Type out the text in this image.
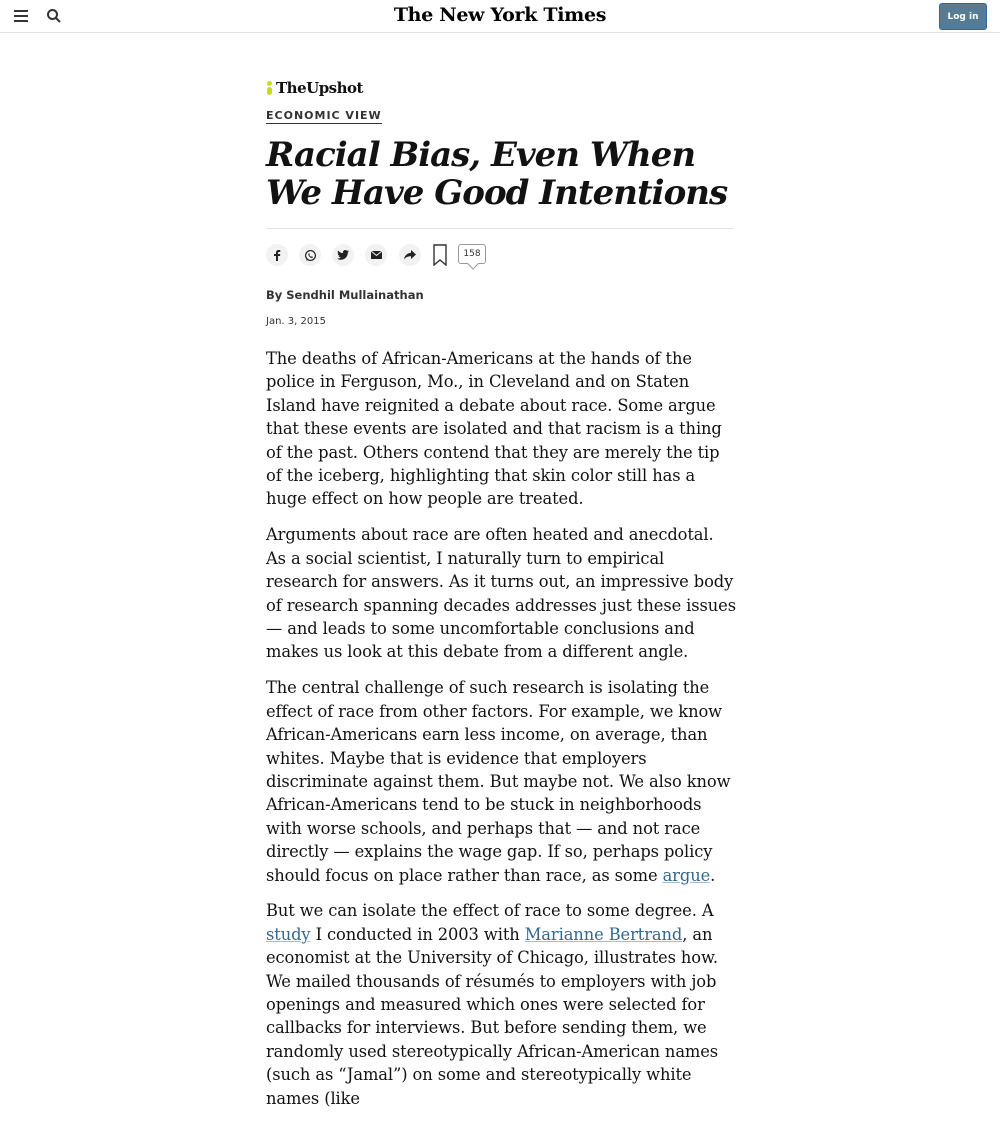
The New York Times	Log in
TheUpshot
ECONOMIC VIEW
Racial Bias, Even When We Have Good Intentions
158
By Sendhil Mullainathan
Jan. 3, 2015

The deaths of African-Americans at the hands of the police in Ferguson, Mo., in Cleveland and on Staten Island have reignited a debate about race. Some argue that these events are isolated and that racism is a thing of the past. Others contend that they are merely the tip of the iceberg, highlighting that skin color still has a huge effect on how people are treated.

Arguments about race are often heated and anecdotal. As a social scientist, I naturally turn to empirical research for answers. As it turns out, an impressive body of research spanning decades addresses just these issues — and leads to some uncomfortable conclusions and makes us look at this debate from a different angle.

The central challenge of such research is isolating the effect of race from other factors. For example, we know African-Americans earn less income, on average, than whites. Maybe that is evidence that employers discriminate against them. But maybe not. We also know African-Americans tend to be stuck in neighborhoods with worse schools, and perhaps that — and not race directly — explains the wage gap. If so, perhaps policy should focus on place rather than race, as some argue.

But we can isolate the effect of race to some degree. A study I conducted in 2003 with Marianne Bertrand, an economist at the University of Chicago, illustrates how. We mailed thousands of résumés to employers with job openings and measured which ones were selected for callbacks for interviews. But before sending them, we randomly used stereotypically African-American names (such as “Jamal”) on some and stereotypically white names (like
